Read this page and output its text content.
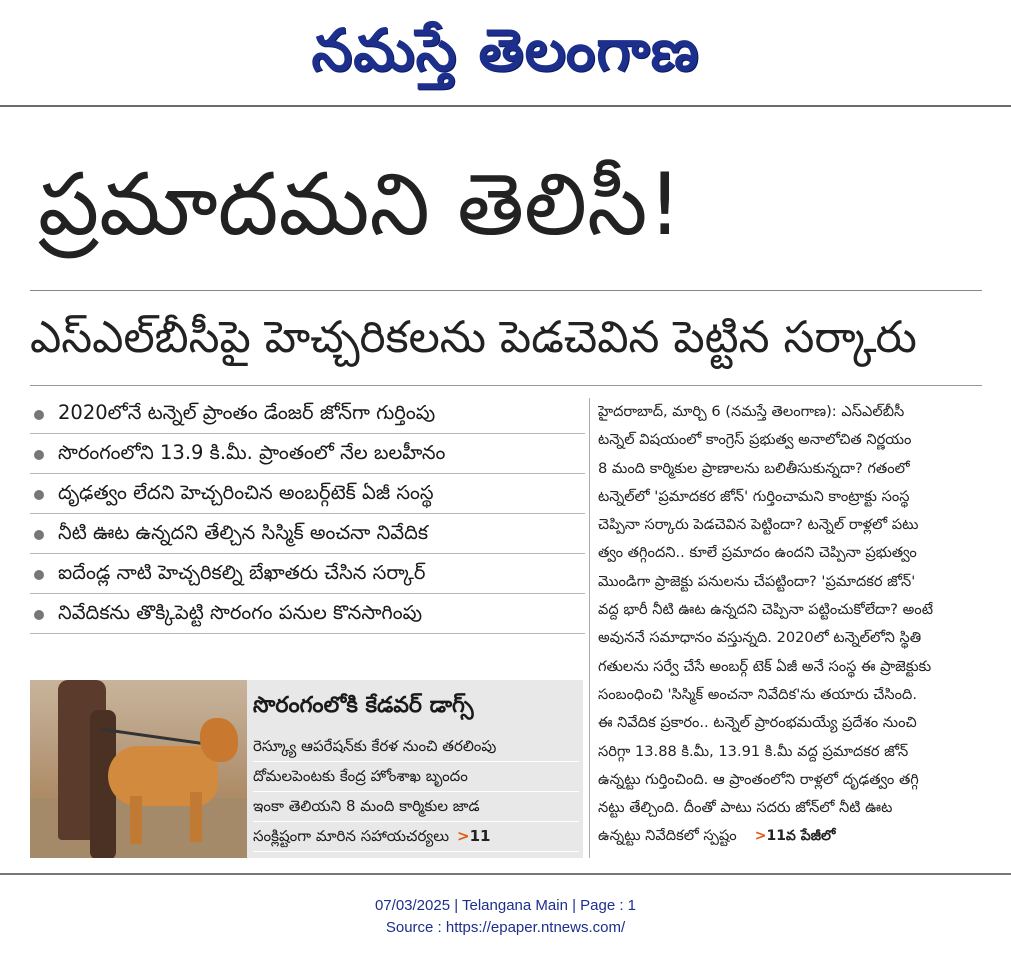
నమస్తే తెలంగాణ
ప్రమాదమని తెలిసీ!
ఎస్‌ఎల్‌బీసీపై హెచ్చరికలను పెడచెవిన పెట్టిన సర్కారు
2020లోనే టన్నెల్ ప్రాంతం డేంజర్ జోన్‌గా గుర్తింపు
సొరంగంలోని 13.9 కి.మీ. ప్రాంతంలో నేల బలహీనం
దృఢత్వం లేదని హెచ్చరించిన అంబర్గ్‌టెక్ ఏజీ సంస్థ
నీటి ఊట ఉన్నదని తేల్చిన సిస్మిక్ అంచనా నివేదిక
ఐదేండ్ల నాటి హెచ్చరికల్ని బేఖాతరు చేసిన సర్కార్
నివేదికను తొక్కిపెట్టి సొరంగం పనుల కొనసాగింపు
హైదరాబాద్, మార్చి 6 (నమస్తే తెలంగాణ): ఎస్‌ఎల్‌బీసీ
టన్నెల్ విషయంలో కాంగ్రెస్ ప్రభుత్వ అనాలోచిత నిర్ణయం
8 మంది కార్మికుల ప్రాణాలను బలితీసుకున్నదా? గతంలో
టన్నెల్‌లో 'ప్రమాదకర జోన్' గుర్తించామని కాంట్రాక్టు సంస్థ
చెప్పినా సర్కారు పెడచెవిన పెట్టిందా? టన్నెల్ రాళ్లలో పటు
త్వం తగ్గిందని.. కూలే ప్రమాదం ఉందని చెప్పినా ప్రభుత్వం
మొండిగా ప్రాజెక్టు పనులను చేపట్టిందా? 'ప్రమాదకర జోన్'
వద్ద భారీ నీటి ఊట ఉన్నదని చెప్పినా పట్టించుకోలేదా? అంటే
అవుననే సమాధానం వస్తున్నది. 2020లో టన్నెల్‌లోని స్థితి
గతులను సర్వే చేసే అంబర్గ్ టెక్ ఏజీ అనే సంస్థ ఈ ప్రాజెక్టుకు
సంబంధించి 'సిస్మిక్ అంచనా నివేదిక'ను తయారు చేసింది.
ఈ నివేదిక ప్రకారం.. టన్నెల్ ప్రారంభమయ్యే ప్రదేశం నుంచి
సరిగ్గా 13.88 కి.మీ, 13.91 కి.మీ వద్ద ప్రమాదకర జోన్
ఉన్నట్టు గుర్తించింది. ఆ ప్రాంతంలోని రాళ్లలో దృఢత్వం తగ్గి
నట్టు తేల్చింది. దీంతో పాటు సదరు జోన్‌లో నీటి ఊట
ఉన్నట్టు నివేదికలో స్పష్టం >11వ పేజీలో
సొరంగంలోకి కేడవర్ డాగ్స్
రెస్క్యూ ఆపరేషన్‌కు కేరళ నుంచి తరలింపు
దోమలపెంటకు కేంద్ర హోంశాఖ బృందం
ఇంకా తెలియని 8 మంది కార్మికుల జాడ
సంక్లిష్టంగా మారిన సహాయచర్యలు >11
07/03/2025 | Telangana Main | Page : 1
Source : https://epaper.ntnews.com/
